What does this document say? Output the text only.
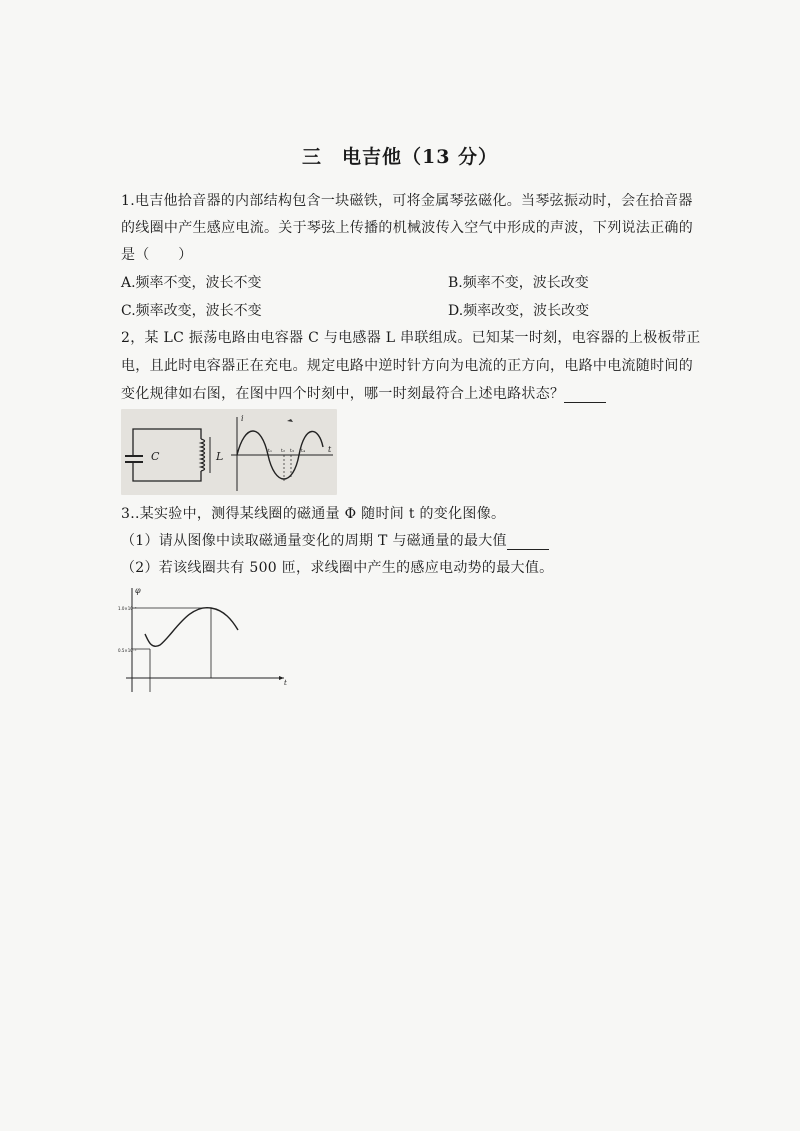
三　电吉他（13 分）
1.电吉他拾音器的内部结构包含一块磁铁，可将金属琴弦磁化。当琴弦振动时，会在拾音器
的线圈中产生感应电流。关于琴弦上传播的机械波传入空气中形成的声波，下列说法正确的
是（　　）
A.频率不变，波长不变	B.频率不变，波长改变
C.频率改变，波长不变	D.频率改变，波长改变
2，某 LC 振荡电路由电容器 C 与电感器 L 串联组成。已知某一时刻，电容器的上极板带正
电，且此时电容器正在充电。规定电路中逆时针方向为电流的正方向，电路中电流随时间的
变化规律如右图，在图中四个时刻中，哪一时刻最符合上述电路状态？
C	L
i
t
t₁ t₂ t₃ t₄
3..某实验中，测得某线圈的磁通量 Φ 随时间 t 的变化图像。
（1）请从图像中读取磁通量变化的周期 T 与磁通量的最大值
（2）若该线圈共有 500 匝，求线圈中产生的感应电动势的最大值。
φ
t
1.0×10⁻²
0.5×10⁻²
